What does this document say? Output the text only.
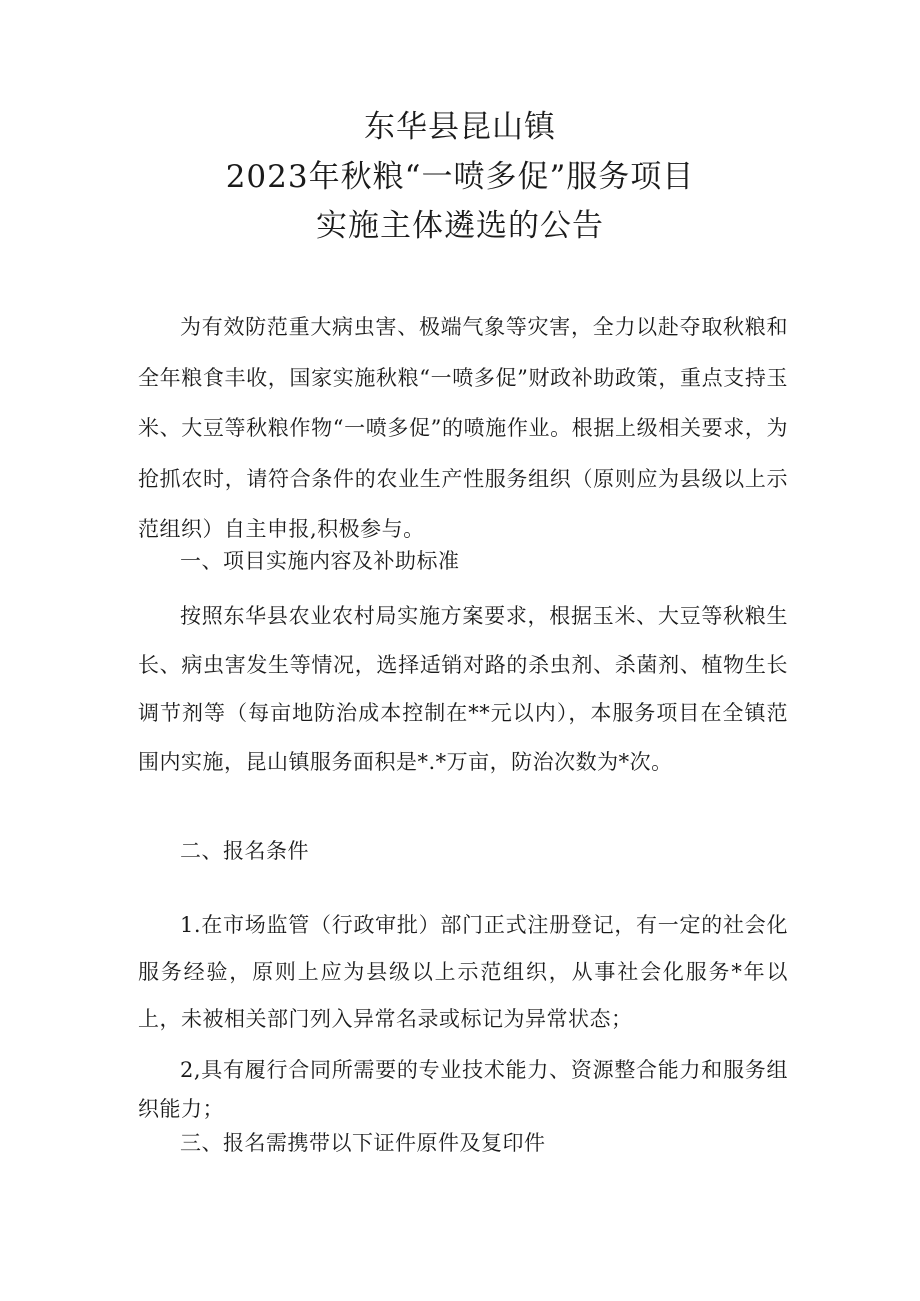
东华县昆山镇
2023年秋粮“一喷多促”服务项目
实施主体遴选的公告
为有效防范重大病虫害、极端气象等灾害，全力以赴夺取秋粮和全年粮食丰收，国家实施秋粮“一喷多促”财政补助政策，重点支持玉米、大豆等秋粮作物“一喷多促”的喷施作业。根据上级相关要求，为抢抓农时，请符合条件的农业生产性服务组织（原则应为县级以上示范组织）自主申报,积极参与。
一、项目实施内容及补助标准
按照东华县农业农村局实施方案要求，根据玉米、大豆等秋粮生长、病虫害发生等情况，选择适销对路的杀虫剂、杀菌剂、植物生长调节剂等（每亩地防治成本控制在**元以内），本服务项目在全镇范围内实施，昆山镇服务面积是*.*万亩，防治次数为*次。
二、报名条件
1.在市场监管（行政审批）部门正式注册登记，有一定的社会化服务经验，原则上应为县级以上示范组织，从事社会化服务*年以上，未被相关部门列入异常名录或标记为异常状态；
2,具有履行合同所需要的专业技术能力、资源整合能力和服务组织能力；
三、报名需携带以下证件原件及复印件
